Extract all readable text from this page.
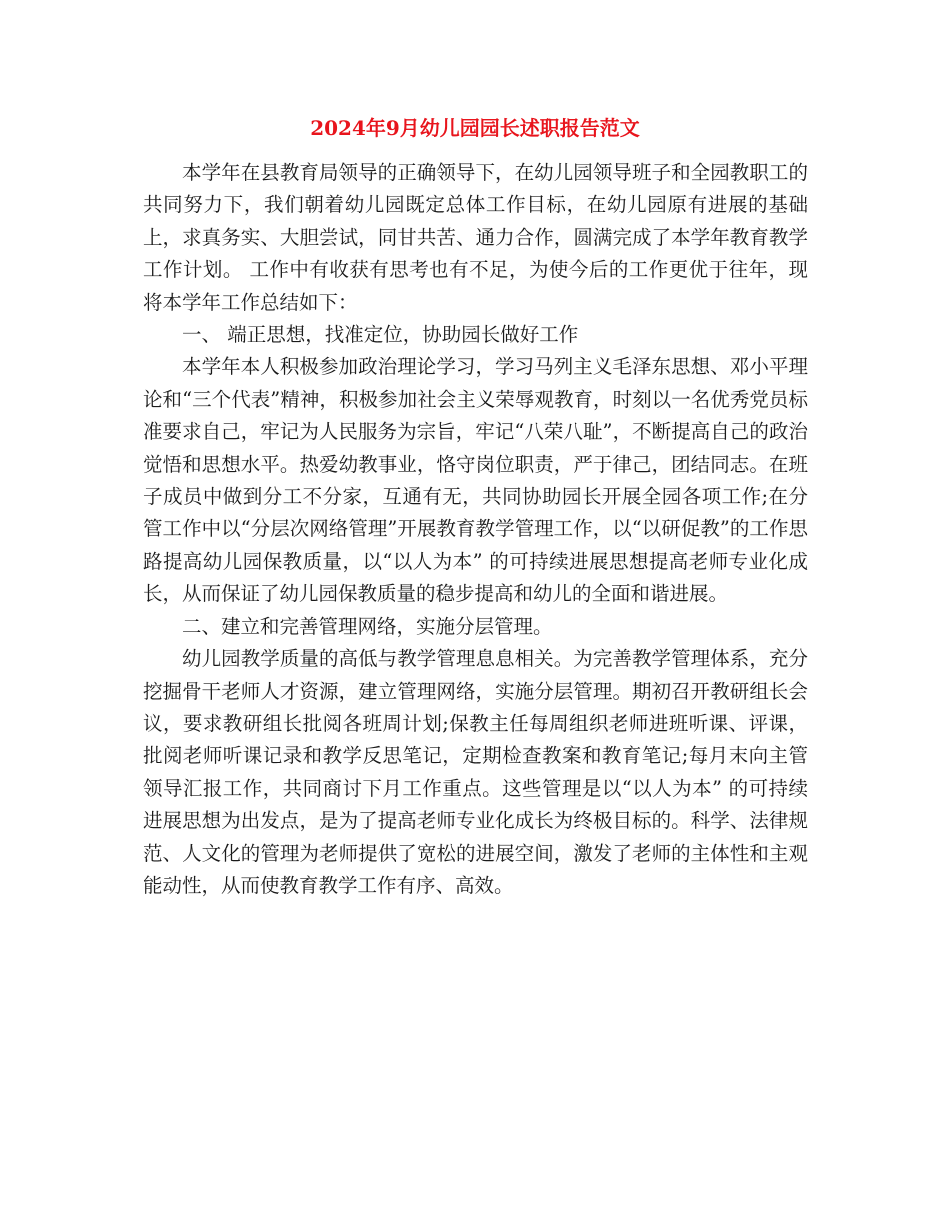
2024年9月幼儿园园长述职报告范文

本学年在县教育局领导的正确领导下，在幼儿园领导班子和全园教职工的共同努力下，我们朝着幼儿园既定总体工作目标，在幼儿园原有进展的基础上，求真务实、大胆尝试，同甘共苦、通力合作，圆满完成了本学年教育教学工作计划。 工作中有收获有思考也有不足，为使今后的工作更优于往年，现将本学年工作总结如下：

一、 端正思想，找准定位，协助园长做好工作

本学年本人积极参加政治理论学习，学习马列主义毛泽东思想、邓小平理论和“三个代表”精神，积极参加社会主义荣辱观教育，时刻以一名优秀党员标准要求自己，牢记为人民服务为宗旨，牢记“八荣八耻”，不断提高自己的政治觉悟和思想水平。热爱幼教事业，恪守岗位职责，严于律己，团结同志。在班子成员中做到分工不分家，互通有无，共同协助园长开展全园各项工作;在分管工作中以“分层次网络管理”开展教育教学管理工作，以“以研促教”的工作思路提高幼儿园保教质量，以“以人为本” 的可持续进展思想提高老师专业化成长，从而保证了幼儿园保教质量的稳步提高和幼儿的全面和谐进展。

二、建立和完善管理网络，实施分层管理。

幼儿园教学质量的高低与教学管理息息相关。为完善教学管理体系，充分挖掘骨干老师人才资源，建立管理网络，实施分层管理。期初召开教研组长会议，要求教研组长批阅各班周计划;保教主任每周组织老师进班听课、评课，批阅老师听课记录和教学反思笔记，定期检查教案和教育笔记;每月末向主管领导汇报工作，共同商讨下月工作重点。这些管理是以“以人为本” 的可持续进展思想为出发点，是为了提高老师专业化成长为终极目标的。科学、法律规范、人文化的管理为老师提供了宽松的进展空间，激发了老师的主体性和主观能动性，从而使教育教学工作有序、高效。
